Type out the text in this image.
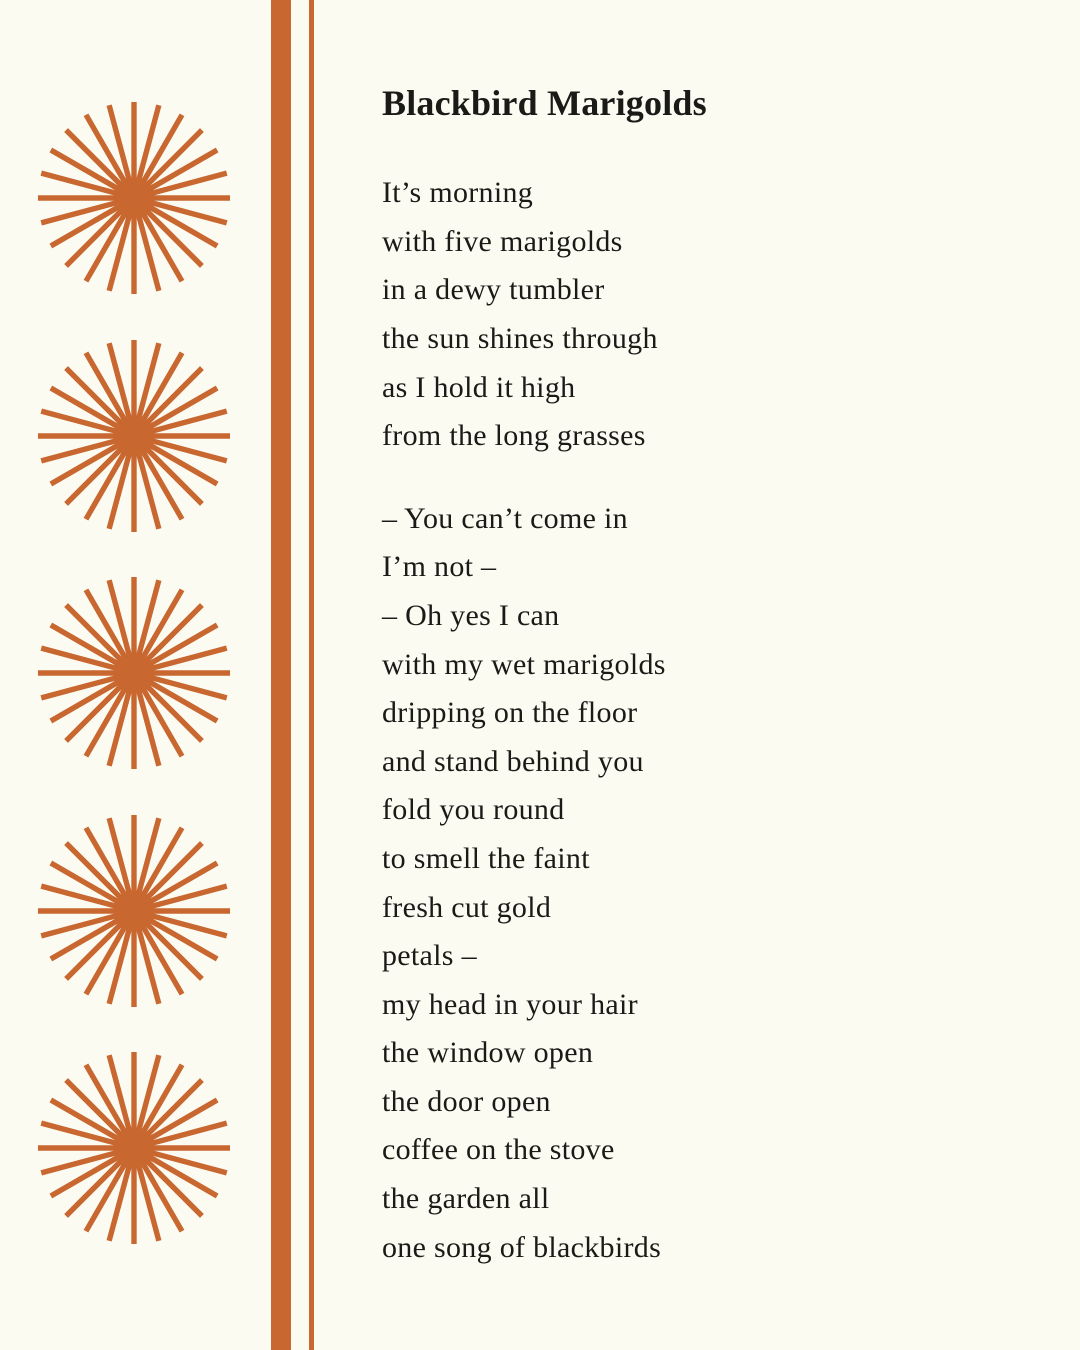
Blackbird Marigolds
It’s morning
with five marigolds
in a dewy tumbler
the sun shines through
as I hold it high
from the long grasses
– You can’t come in
I’m not –
– Oh yes I can
with my wet marigolds
dripping on the floor
and stand behind you
fold you round
to smell the faint
fresh cut gold
petals –
my head in your hair
the window open
the door open
coffee on the stove
the garden all
one song of blackbirds
